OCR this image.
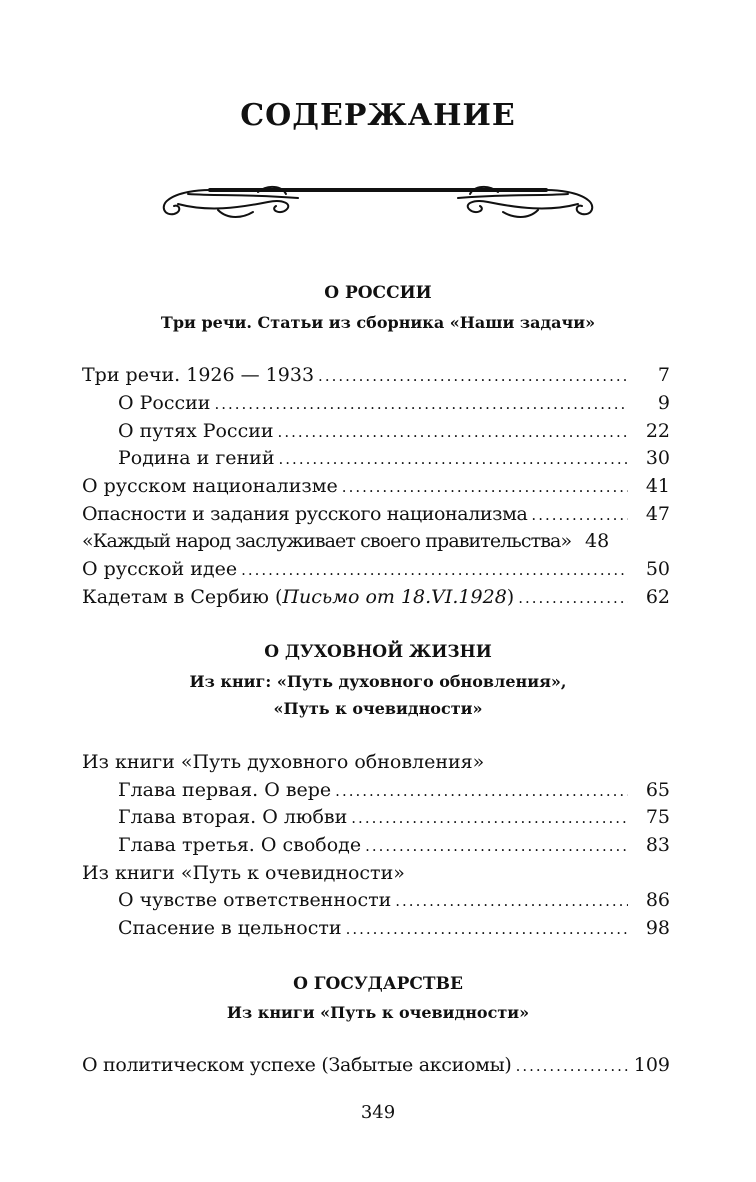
СОДЕРЖАНИЕ
О РОССИИ
Три речи. Статьи из сборника «Наши задачи»
Три речи. 1926 — 1933 .....	7
О России .....	9
О путях России .....	22
Родина и гений .....	30
О русском национализме .....	41
Опасности и задания русского национализма .....	47
«Каждый народ заслуживает своего правительства» 48
О русской идее .....	50
Кадетам в Сербию (Письмо от 18.VI.1928) .....	62
О ДУХОВНОЙ ЖИЗНИ
Из книг: «Путь духовного обновления»,
«Путь к очевидности»
Из книги «Путь духовного обновления»
Глава первая. О вере .....	65
Глава вторая. О любви .....	75
Глава третья. О свободе .....	83
Из книги «Путь к очевидности»
О чувстве ответственности .....	86
Спасение в цельности .....	98
О ГОСУДАРСТВЕ
Из книги «Путь к очевидности»
О политическом успехе (Забытые аксиомы) .....	109
349
